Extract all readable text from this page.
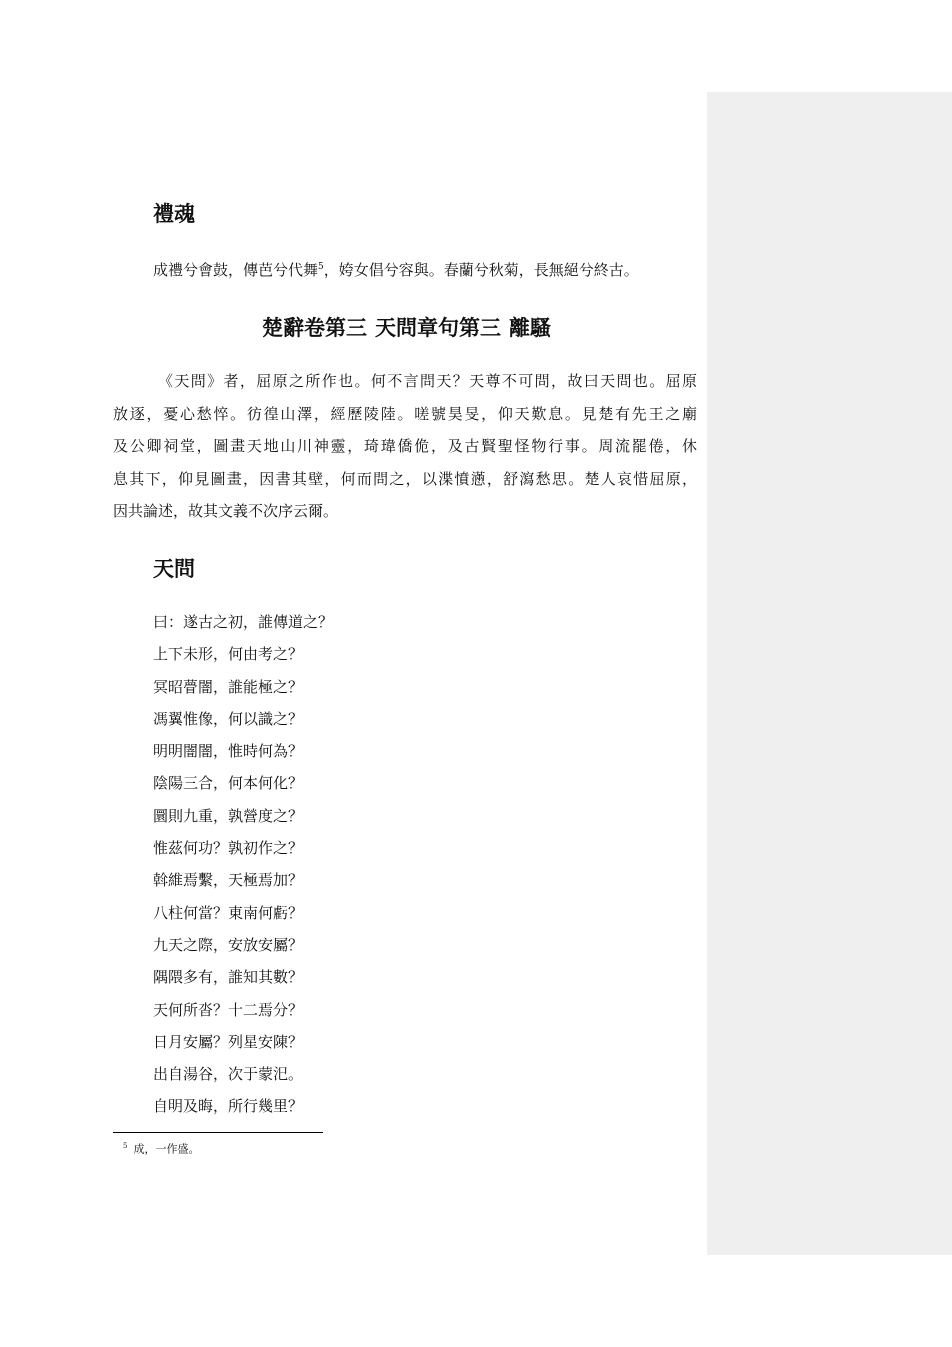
禮魂

成禮兮會鼓，傳芭兮代舞$^5$，姱女倡兮容與。春蘭兮秋菊，長無絕兮終古。

楚辭卷第三 天問章句第三 離騷
《天問》者，屈原之所作也。何不言問天？天尊不可問，故曰天問也。屈原
放逐，憂心愁悴。彷徨山澤，經歷陵陸。嗟號昊旻，仰天歎息。見楚有先王之廟
及公卿祠堂，圖畫天地山川神靈，琦瑋僑佹，及古賢聖怪物行事。周流罷倦，休
息其下，仰見圖畫，因書其壁，何而問之，以渫憤懣，舒瀉愁思。楚人哀惜屈原，
因共論述，故其文義不次序云爾。
天問
曰：遂古之初，誰傳道之？
上下未形，何由考之？
冥昭瞢闇，誰能極之？
馮翼惟像，何以識之？
明明闇闇，惟時何為？
陰陽三合，何本何化？
圜則九重，孰營度之？
惟茲何功？孰初作之？
斡維焉繫，天極焉加？
八柱何當？東南何虧？
九天之際，安放安屬？
隅隈多有，誰知其數？
天何所沓？十二焉分？
日月安屬？列星安陳？
出自湯谷，次于蒙汜。
自明及晦，所行幾里？

$^5$ 成，一作盛。
